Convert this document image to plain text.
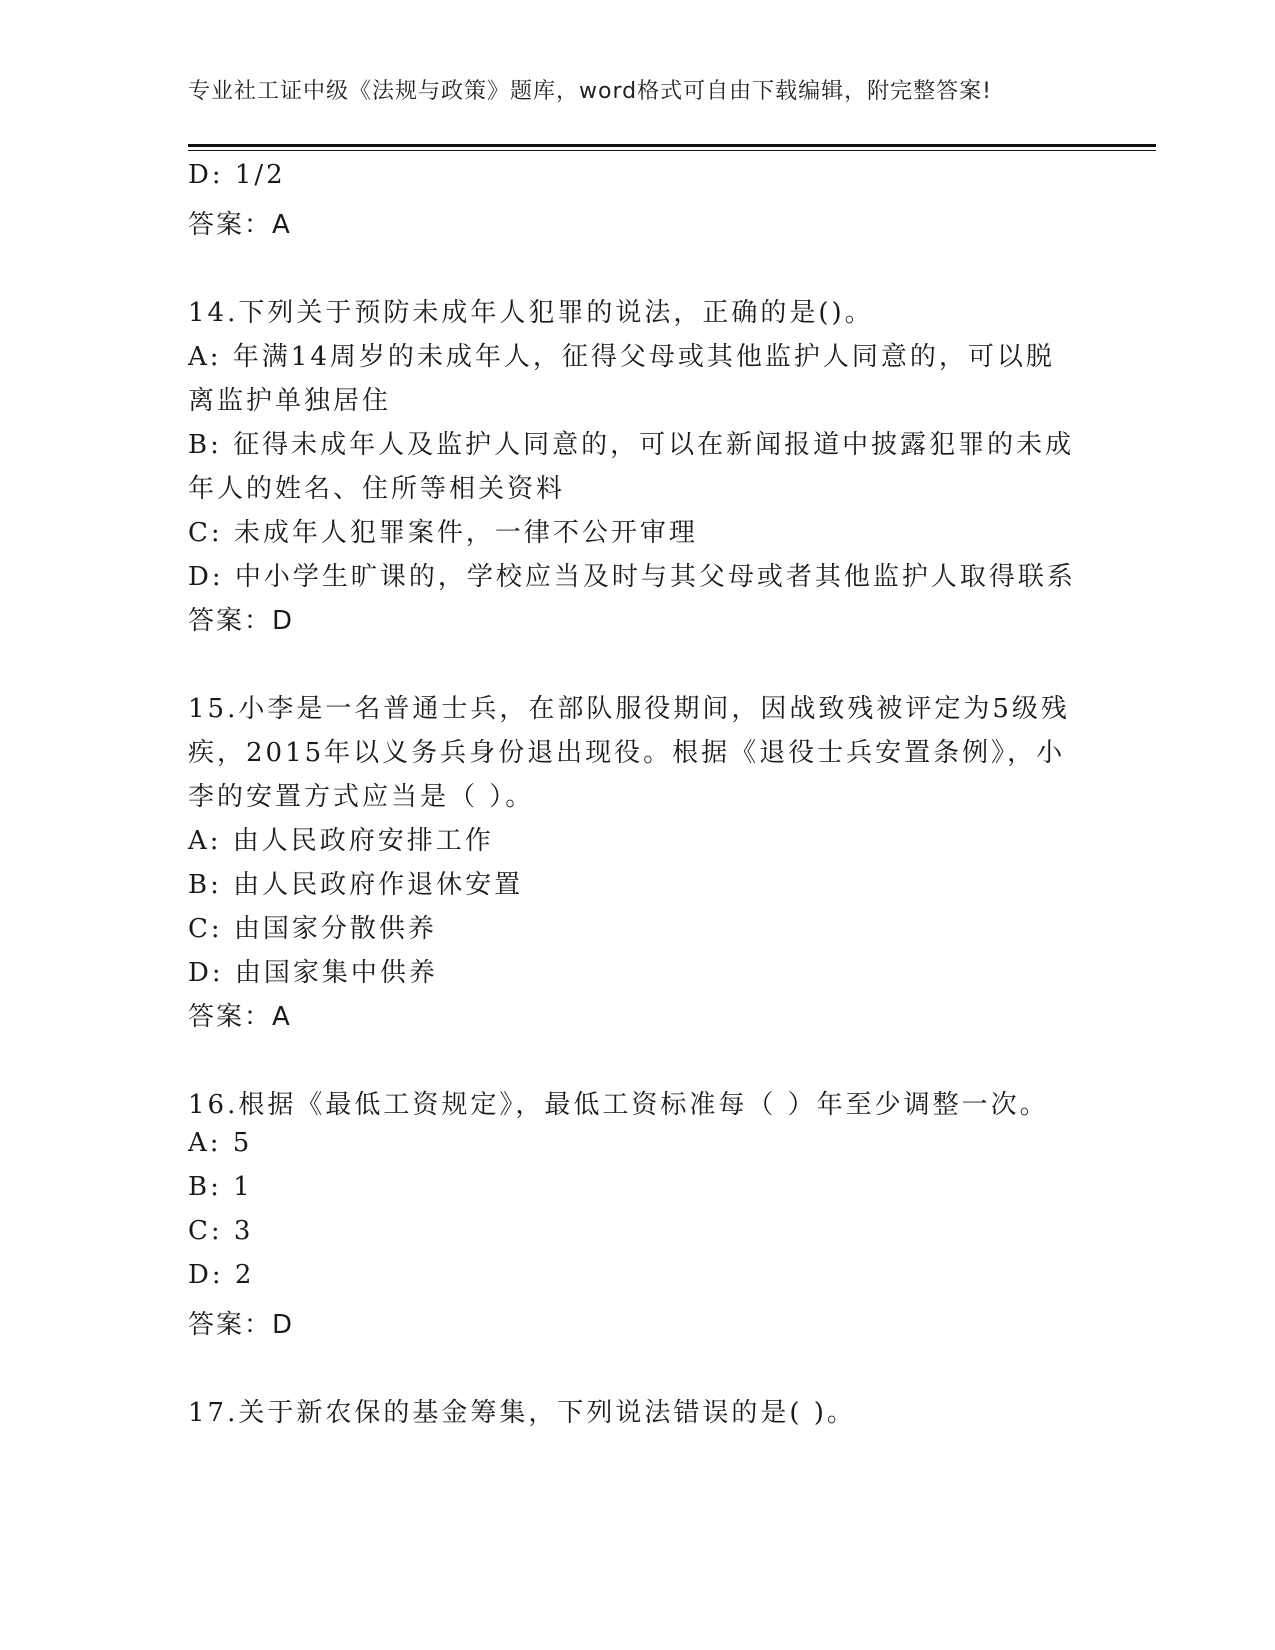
专业社工证中级《法规与政策》题库，word格式可自由下载编辑，附完整答案!
D: 1/2
答案：A
14.下列关于预防未成年人犯罪的说法，正确的是()。
A: 年满14周岁的未成年人，征得父母或其他监护人同意的，可以脱
离监护单独居住
B: 征得未成年人及监护人同意的，可以在新闻报道中披露犯罪的未成
年人的姓名、住所等相关资料
C: 未成年人犯罪案件，一律不公开审理
D: 中小学生旷课的，学校应当及时与其父母或者其他监护人取得联系
答案：D
15.小李是一名普通士兵，在部队服役期间，因战致残被评定为5级残
疾，2015年以义务兵身份退出现役。根据《退役士兵安置条例》，小
李的安置方式应当是（ ）。
A: 由人民政府安排工作
B: 由人民政府作退休安置
C: 由国家分散供养
D: 由国家集中供养
答案：A
16.根据《最低工资规定》，最低工资标准每（ ）年至少调整一次。
A: 5
B: 1
C: 3
D: 2
答案：D
17.关于新农保的基金筹集，下列说法错误的是( )。
